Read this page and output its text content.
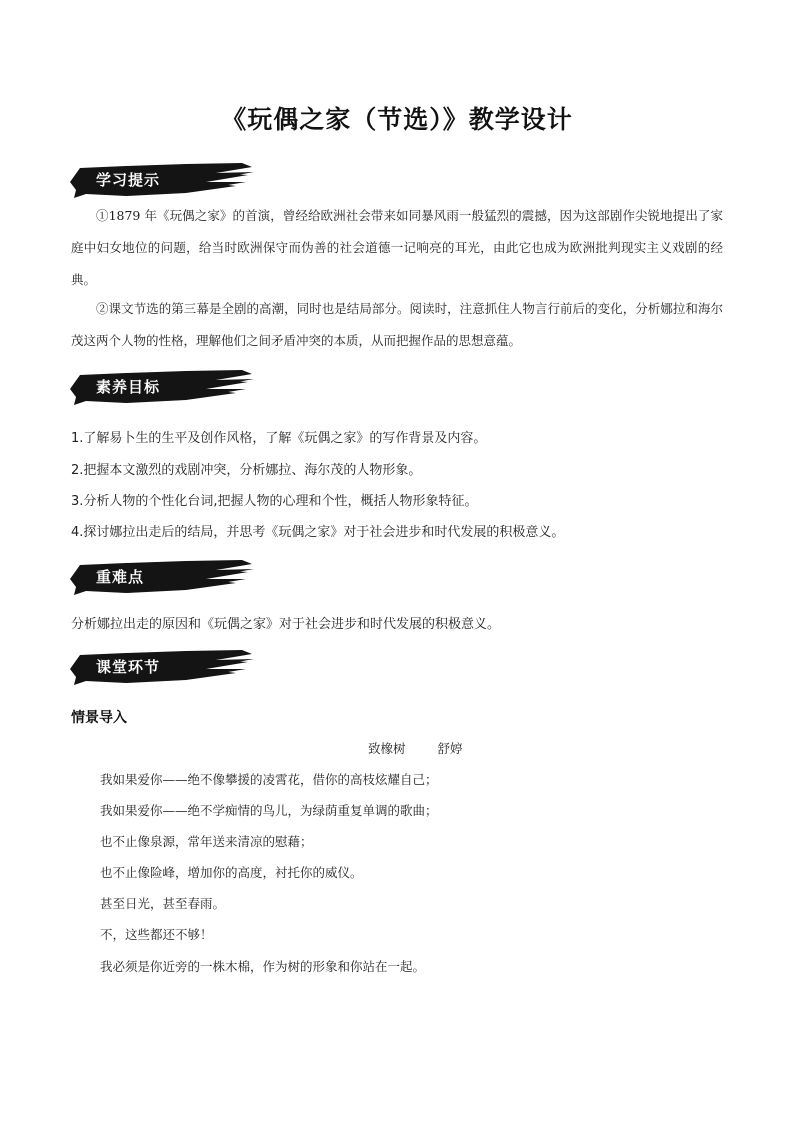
《玩偶之家（节选）》教学设计
学习提示
①1879 年《玩偶之家》的首演，曾经给欧洲社会带来如同暴风雨一般猛烈的震撼，因为这部剧作尖锐地提出了家庭中妇女地位的问题，给当时欧洲保守而伪善的社会道德一记响亮的耳光，由此它也成为欧洲批判现实主义戏剧的经典。
②课文节选的第三幕是全剧的高潮，同时也是结局部分。阅读时，注意抓住人物言行前后的变化，分析娜拉和海尔茂这两个人物的性格，理解他们之间矛盾冲突的本质，从而把握作品的思想意蕴。
素养目标
1.了解易卜生的生平及创作风格，了解《玩偶之家》的写作背景及内容。
2.把握本文激烈的戏剧冲突，分析娜拉、海尔茂的人物形象。
3.分析人物的个性化台词,把握人物的心理和个性，概括人物形象特征。
4.探讨娜拉出走后的结局，并思考《玩偶之家》对于社会进步和时代发展的积极意义。
重难点
分析娜拉出走的原因和《玩偶之家》对于社会进步和时代发展的积极意义。
课堂环节
情景导入
致橡树	舒婷
我如果爱你——绝不像攀援的凌霄花，借你的高枝炫耀自己；
我如果爱你——绝不学痴情的鸟儿，为绿荫重复单调的歌曲；
也不止像泉源，常年送来清凉的慰藉；
也不止像险峰，增加你的高度，衬托你的威仪。
甚至日光，甚至春雨。
不，这些都还不够！
我必须是你近旁的一株木棉，作为树的形象和你站在一起。
